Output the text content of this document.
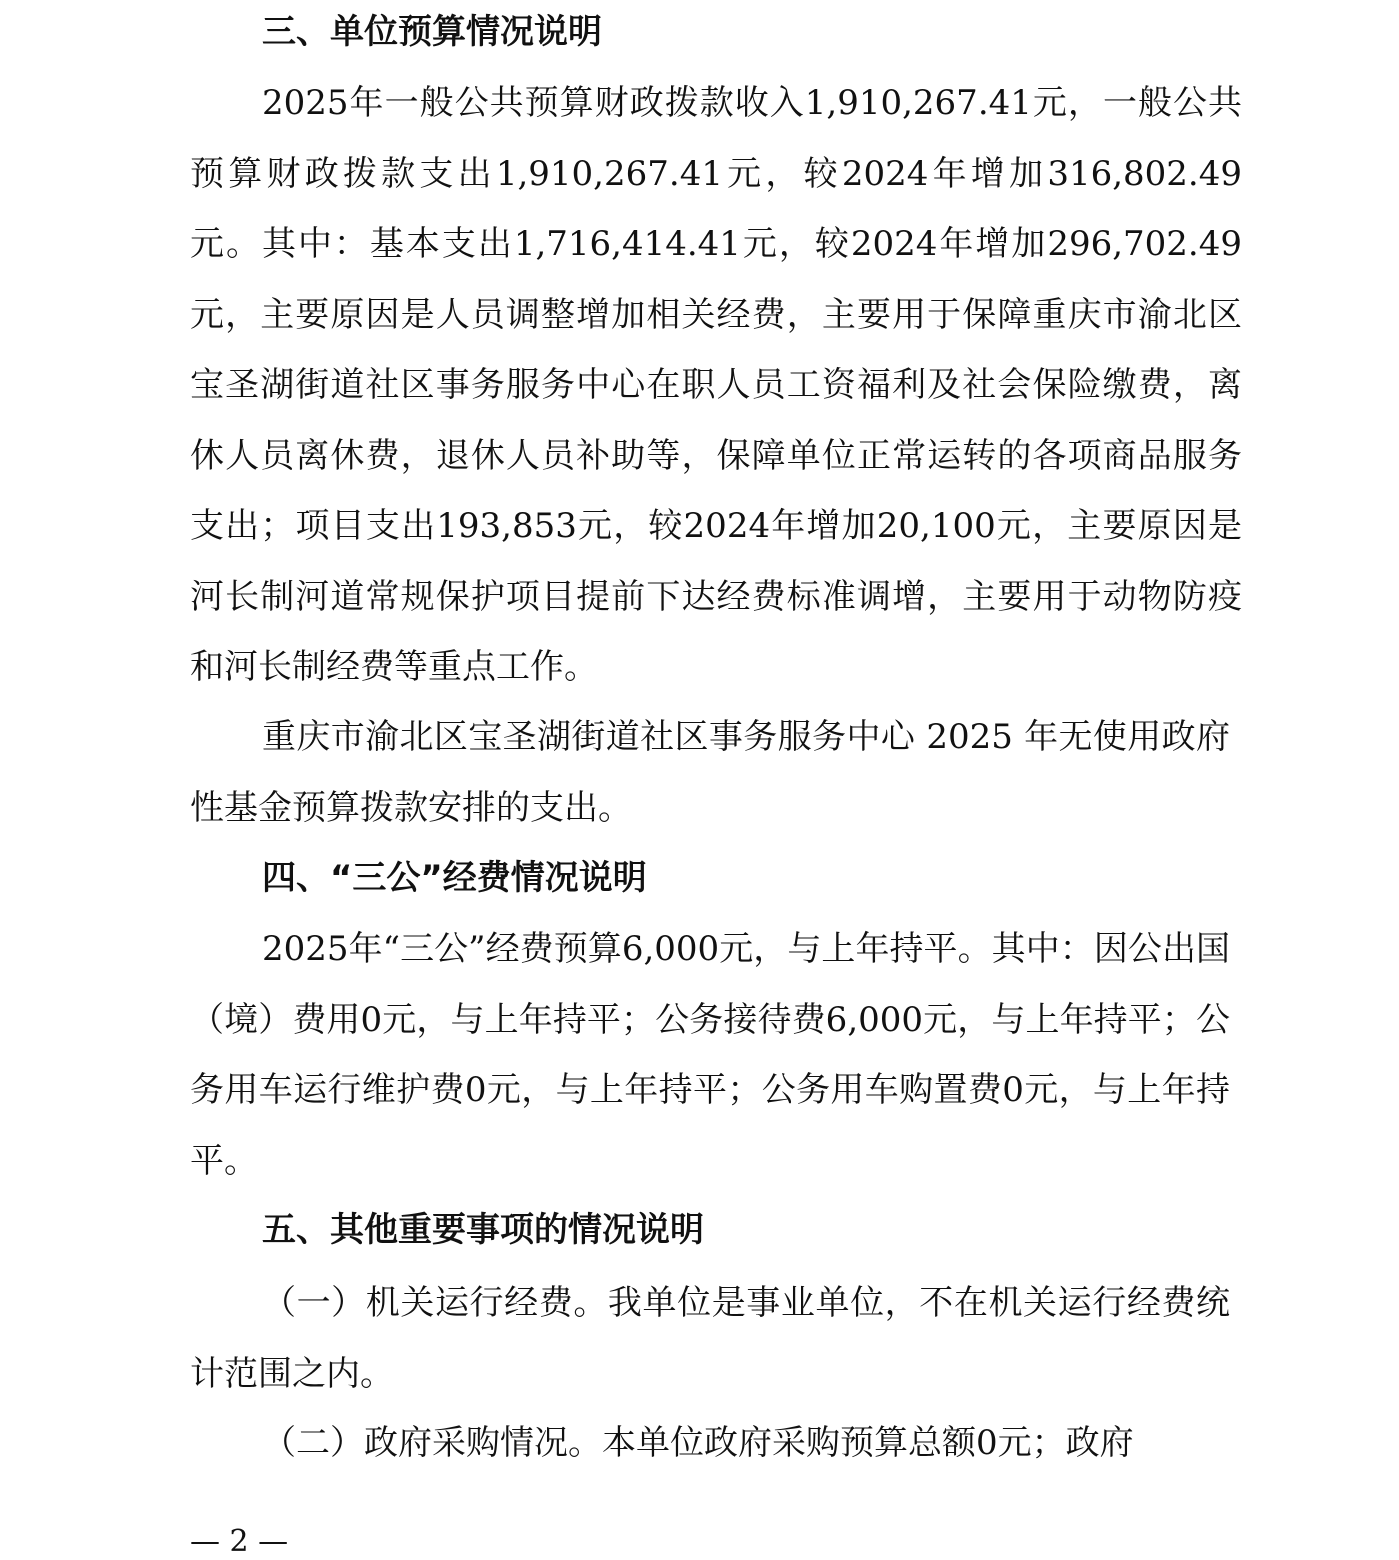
三、单位预算情况说明

2025年一般公共预算财政拨款收入1,910,267.41元，一般公共预算财政拨款支出1,910,267.41元，较2024年增加316,802.49元。其中：基本支出1,716,414.41元，较2024年增加296,702.49元，主要原因是人员调整增加相关经费，主要用于保障重庆市渝北区宝圣湖街道社区事务服务中心在职人员工资福利及社会保险缴费，离休人员离休费，退休人员补助等，保障单位正常运转的各项商品服务支出；项目支出193,853元，较2024年增加20,100元，主要原因是河长制河道常规保护项目提前下达经费标准调增，主要用于动物防疫和河长制经费等重点工作。

重庆市渝北区宝圣湖街道社区事务服务中心 2025 年无使用政府性基金预算拨款安排的支出。

四、“三公”经费情况说明

2025年“三公”经费预算6,000元，与上年持平。其中：因公出国（境）费用0元，与上年持平；公务接待费6,000元，与上年持平；公务用车运行维护费0元，与上年持平；公务用车购置费0元，与上年持平。

五、其他重要事项的情况说明

（一）机关运行经费。我单位是事业单位，不在机关运行经费统计范围之内。

（二）政府采购情况。本单位政府采购预算总额0元；政府

— 2 —
